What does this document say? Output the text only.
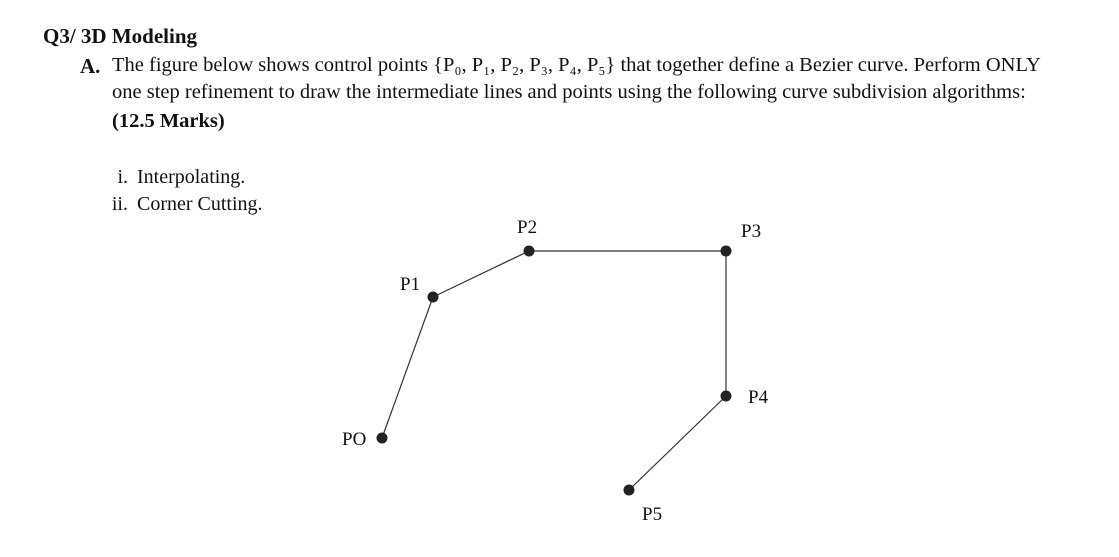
Q3/ 3D Modeling
A. The figure below shows control points {P₀, P₁, P₂, P₃, P₄, P₅} that together define a Bezier curve. Perform ONLY
one step refinement to draw the intermediate lines and points using the following curve subdivision algorithms:
(12.5 Marks)
i. Interpolating.
ii. Corner Cutting.
PO
P1
P2	P3
P4
P5
